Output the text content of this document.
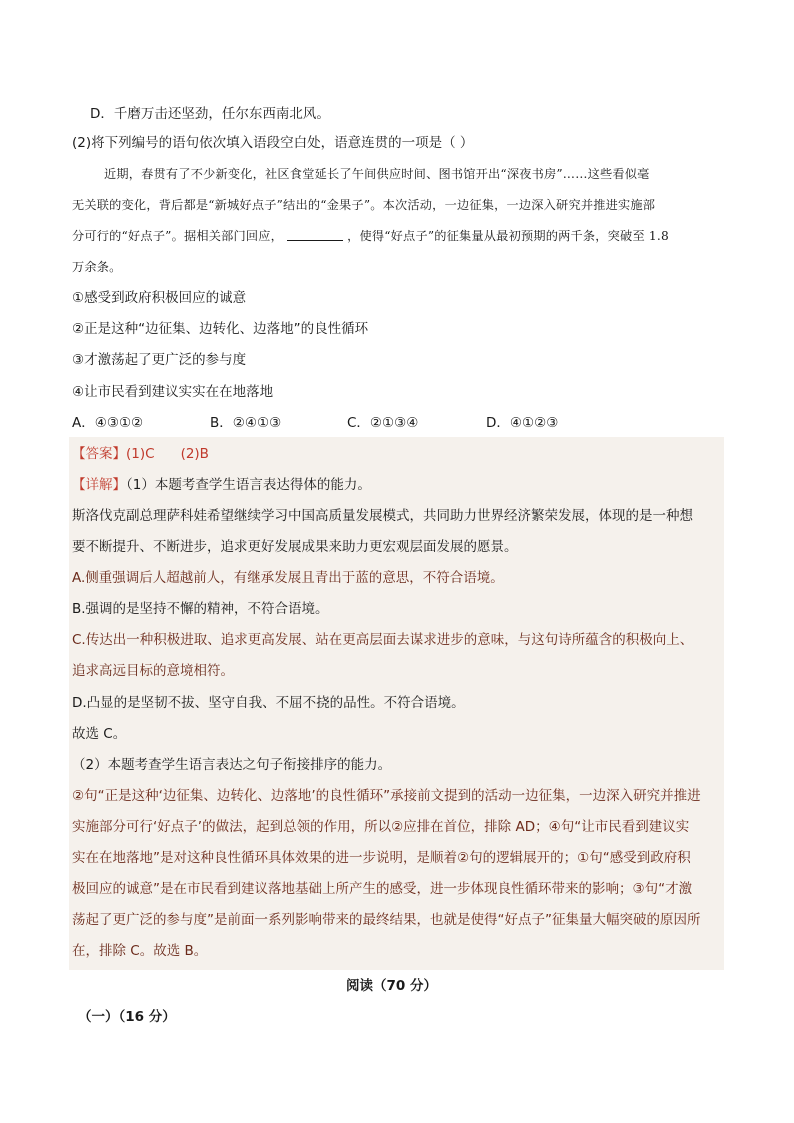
D．千磨万击还坚劲，任尔东西南北风。
(2)将下列编号的语句依次填入语段空白处，语意连贯的一项是（ ）
近期，春贯有了不少新变化，社区食堂延长了午间供应时间、图书馆开出“深夜书房”……这些看似毫
无关联的变化，背后都是“新城好点子”结出的“金果子”。本次活动，一边征集，一边深入研究并推进实施部
分可行的“好点子”。据相关部门回应，	，使得“好点子”的征集量从最初预期的两千条，突破至 1.8
万余条。
①感受到政府积极回应的诚意
②正是这种“边征集、边转化、边落地”的良性循环
③才激荡起了更广泛的参与度
④让市民看到建议实实在在地落地
A．④③①②	B．②④①③	C．②①③④	D．④①②③
【答案】(1)C (2)B
【详解】（1）本题考查学生语言表达得体的能力。
斯洛伐克副总理萨科娃希望继续学习中国高质量发展模式，共同助力世界经济繁荣发展，体现的是一种想
要不断提升、不断进步，追求更好发展成果来助力更宏观层面发展的愿景。
A.侧重强调后人超越前人，有继承发展且青出于蓝的意思，不符合语境。
B.强调的是坚持不懈的精神，不符合语境。
C.传达出一种积极进取、追求更高发展、站在更高层面去谋求进步的意味，与这句诗所蕴含的积极向上、
追求高远目标的意境相符。
D.凸显的是坚韧不拔、坚守自我、不屈不挠的品性。不符合语境。
故选 C。
（2）本题考查学生语言表达之句子衔接排序的能力。
②句“正是这种‘边征集、边转化、边落地’的良性循环”承接前文提到的活动一边征集，一边深入研究并推进
实施部分可行‘好点子’的做法，起到总领的作用，所以②应排在首位，排除 AD；④句“让市民看到建议实
实在在地落地”是对这种良性循环具体效果的进一步说明，是顺着②句的逻辑展开的；①句“感受到政府积
极回应的诚意”是在市民看到建议落地基础上所产生的感受，进一步体现良性循环带来的影响；③句“才激
荡起了更广泛的参与度”是前面一系列影响带来的最终结果，也就是使得“好点子”征集量大幅突破的原因所
在，排除 C。故选 B。
阅读（70 分）
（一）（16 分）
